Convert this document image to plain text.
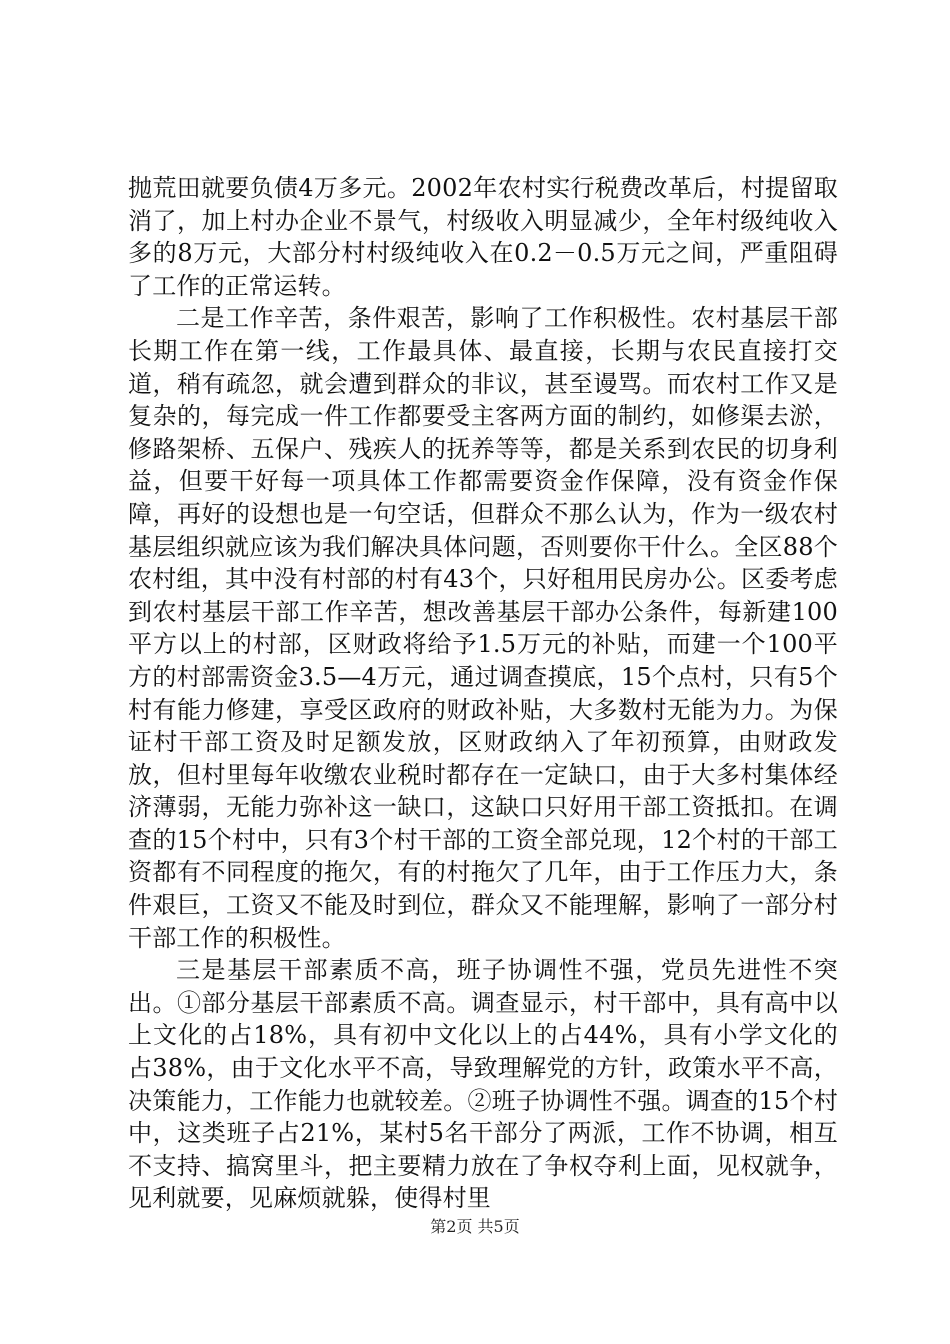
抛荒田就要负债4万多元。2002年农村实行税费改革后，村提留取消了，加上村办企业不景气，村级收入明显减少，全年村级纯收入多的8万元，大部分村村级纯收入在0.2－0.5万元之间，严重阻碍了工作的正常运转。

二是工作辛苦，条件艰苦，影响了工作积极性。农村基层干部长期工作在第一线，工作最具体、最直接，长期与农民直接打交道，稍有疏忽，就会遭到群众的非议，甚至谩骂。而农村工作又是复杂的，每完成一件工作都要受主客两方面的制约，如修渠去淤，修路架桥、五保户、残疾人的抚养等等，都是关系到农民的切身利益，但要干好每一项具体工作都需要资金作保障，没有资金作保障，再好的设想也是一句空话，但群众不那么认为，作为一级农村基层组织就应该为我们解决具体问题，否则要你干什么。全区88个农村组，其中没有村部的村有43个，只好租用民房办公。区委考虑到农村基层干部工作辛苦，想改善基层干部办公条件，每新建100平方以上的村部，区财政将给予1.5万元的补贴，而建一个100平方的村部需资金3.5—4万元，通过调查摸底，15个点村，只有5个村有能力修建，享受区政府的财政补贴，大多数村无能为力。为保证村干部工资及时足额发放，区财政纳入了年初预算，由财政发放，但村里每年收缴农业税时都存在一定缺口，由于大多村集体经济薄弱，无能力弥补这一缺口，这缺口只好用干部工资抵扣。在调查的15个村中，只有3个村干部的工资全部兑现，12个村的干部工资都有不同程度的拖欠，有的村拖欠了几年，由于工作压力大，条件艰巨，工资又不能及时到位，群众又不能理解，影响了一部分村干部工作的积极性。

三是基层干部素质不高，班子协调性不强，党员先进性不突出。①部分基层干部素质不高。调查显示，村干部中，具有高中以上文化的占18%，具有初中文化以上的占44%，具有小学文化的占38%，由于文化水平不高，导致理解党的方针，政策水平不高，决策能力，工作能力也就较差。②班子协调性不强。调查的15个村中，这类班子占21%，某村5名干部分了两派，工作不协调，相互不支持、搞窝里斗，把主要精力放在了争权夺利上面，见权就争，见利就要，见麻烦就躲，使得村里

第2页 共5页
